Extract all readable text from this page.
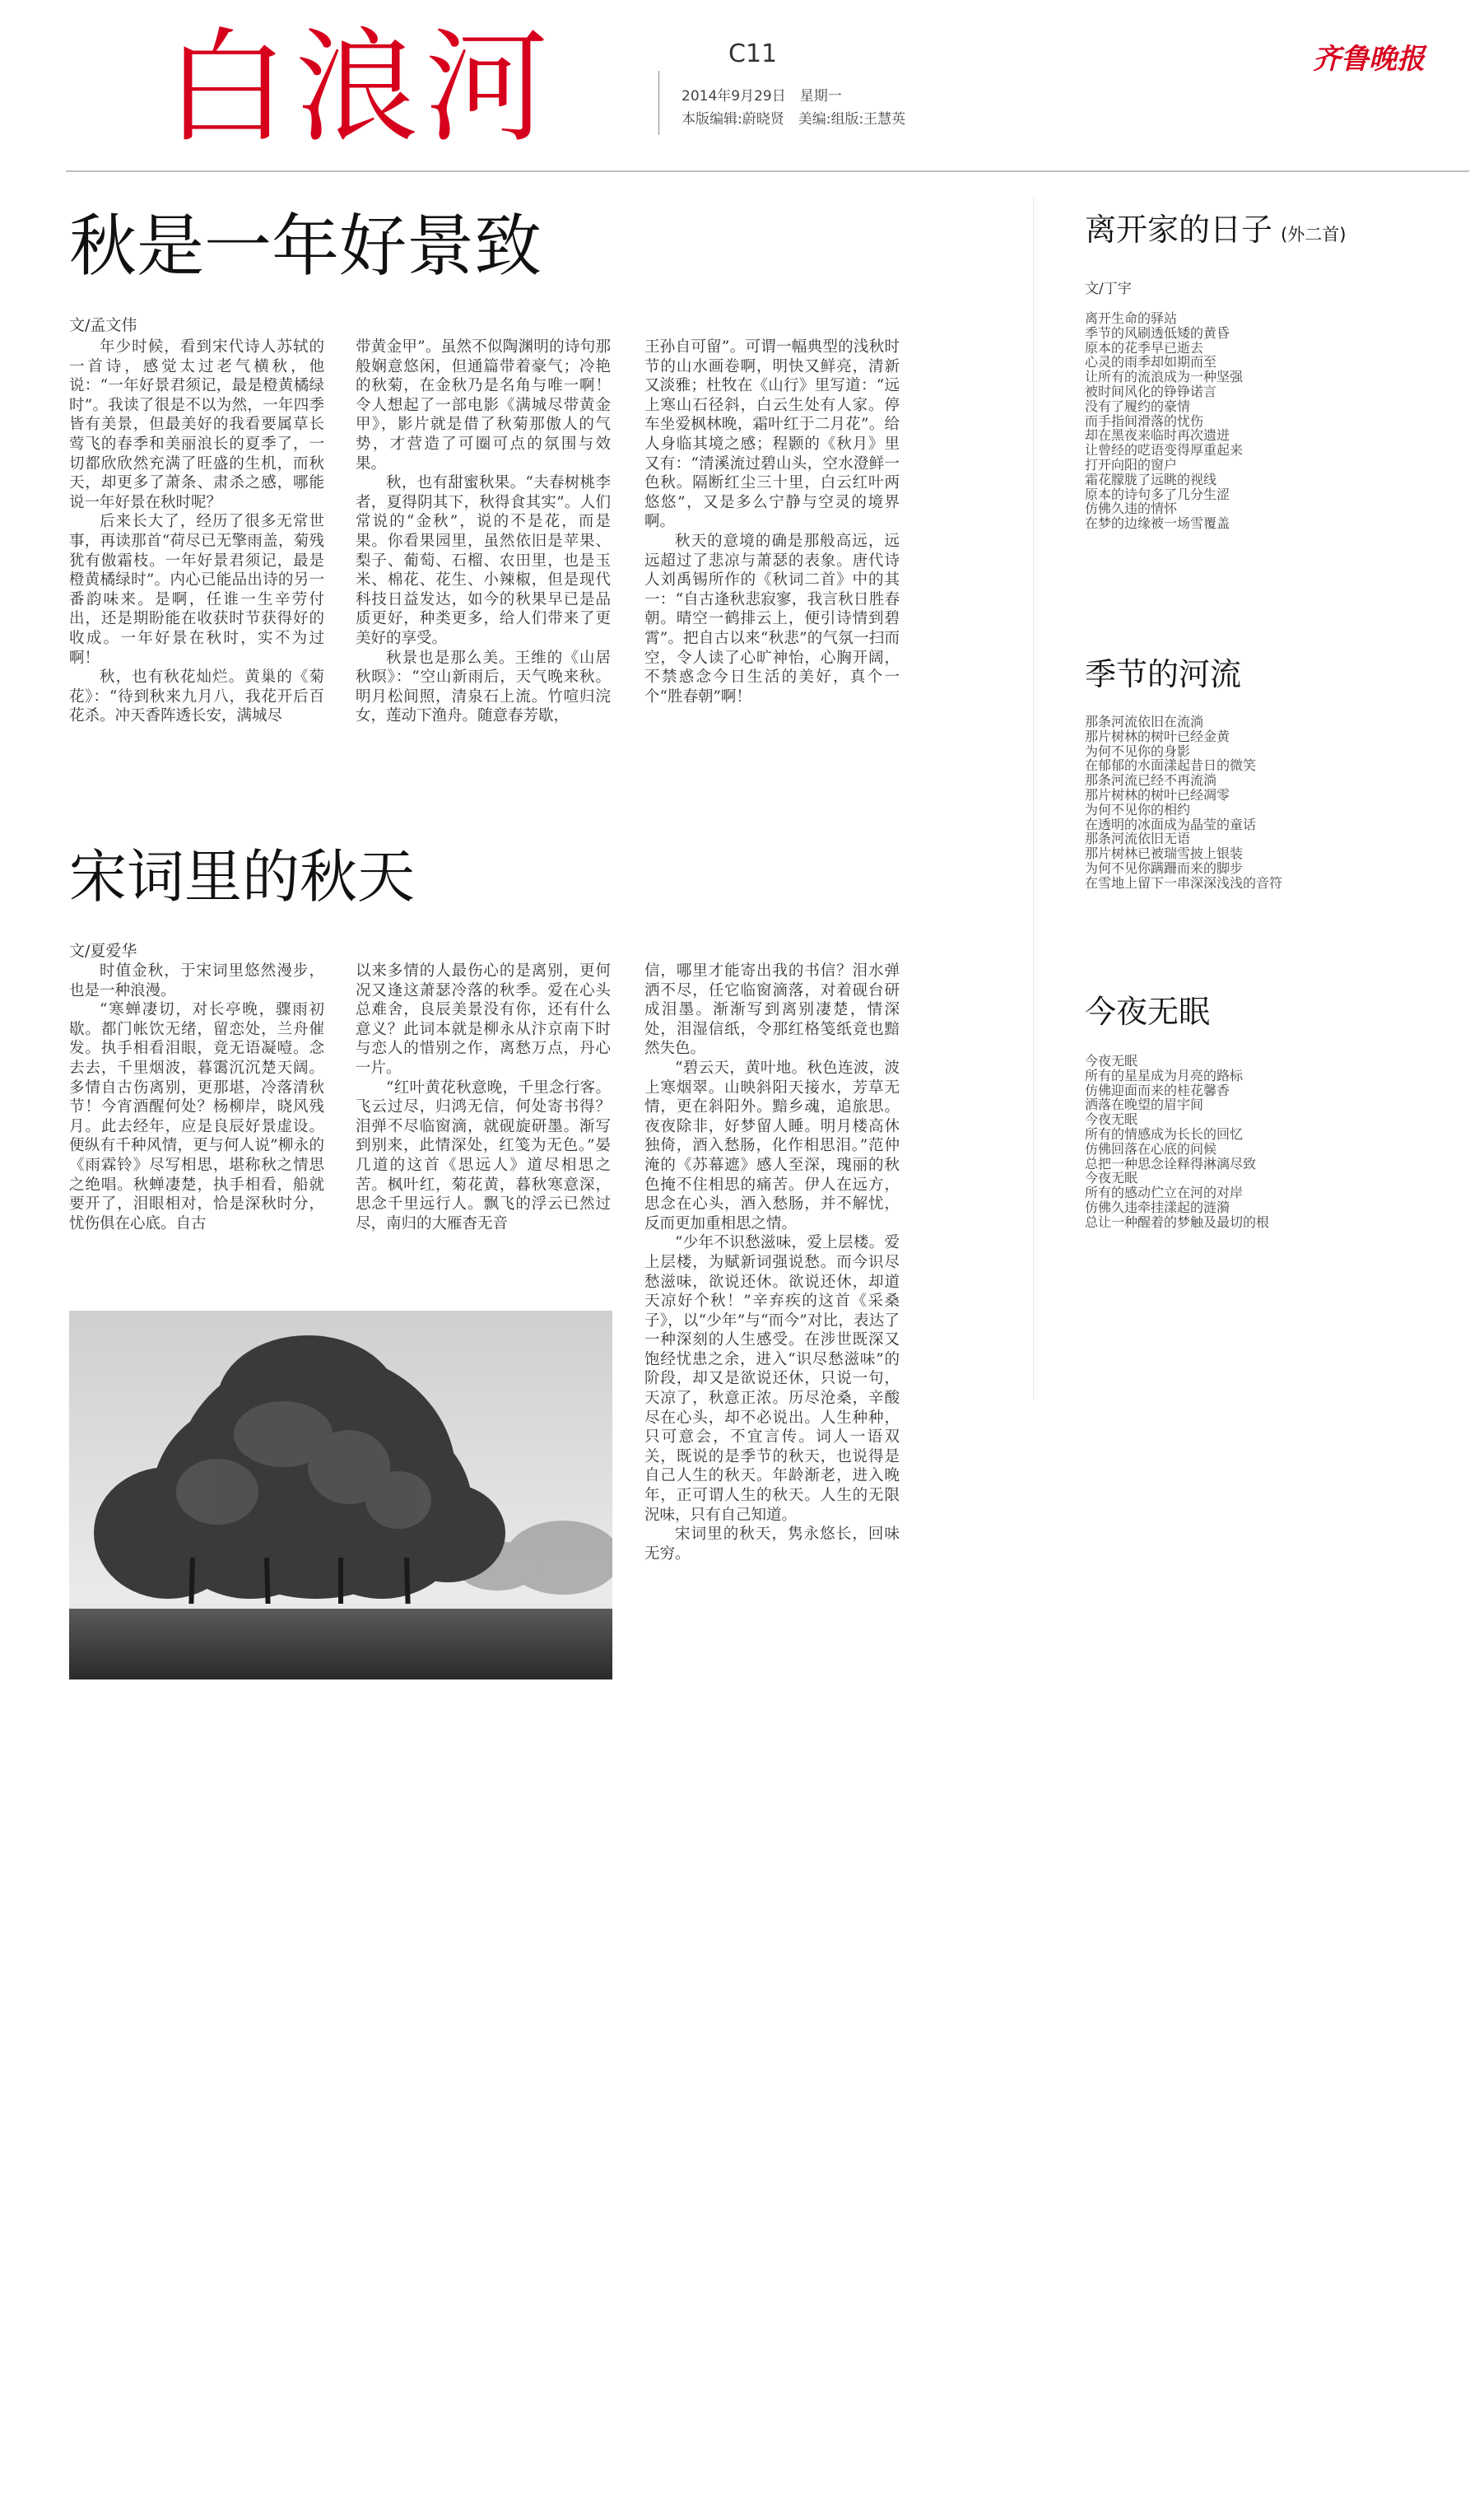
白浪河	C11
2014年9月29日　星期一
本版编辑:蔚晓贤　美编:组版:王慧英
齐鲁晚报
秋是一年好景致
文/孟文伟

年少时候，看到宋代诗人苏轼的一首诗，感觉太过老气横秋，他说：“一年好景君须记，最是橙黄橘绿时”。我读了很是不以为然，一年四季皆有美景，但最美好的我看要属草长莺飞的春季和美丽浪长的夏季了，一切都欣欣然充满了旺盛的生机，而秋天，却更多了萧条、肃杀之感，哪能说一年好景在秋时呢？

后来长大了，经历了很多无常世事，再读那首“荷尽已无擎雨盖，菊残犹有傲霜枝。一年好景君须记，最是橙黄橘绿时”。内心已能品出诗的另一番韵味来。是啊，任谁一生辛劳付出，还是期盼能在收获时节获得好的收成。一年好景在秋时，实不为过啊！

秋，也有秋花灿烂。黄巢的《菊花》：“待到秋来九月八，我花开后百花杀。冲天香阵透长安，满城尽

带黄金甲”。虽然不似陶渊明的诗句那般娴意悠闲，但通篇带着豪气；冷艳的秋菊，在金秋乃是名角与唯一啊！令人想起了一部电影《满城尽带黄金甲》，影片就是借了秋菊那傲人的气势，才营造了可圈可点的氛围与效果。

秋，也有甜蜜秋果。“夫春树桃李者，夏得阴其下，秋得食其实”。人们常说的“金秋”，说的不是花，而是果。你看果园里，虽然依旧是苹果、梨子、葡萄、石榴、农田里，也是玉米、棉花、花生、小辣椒，但是现代科技日益发达，如今的秋果早已是品质更好，种类更多，给人们带来了更美好的享受。

秋景也是那么美。王维的《山居秋暝》：“空山新雨后，天气晚来秋。明月松间照，清泉石上流。竹喧归浣女，莲动下渔舟。随意春芳歇，

王孙自可留”。可谓一幅典型的浅秋时节的山水画卷啊，明快又鲜亮，清新又淡雅；杜牧在《山行》里写道：“远上寒山石径斜，白云生处有人家。停车坐爱枫林晚，霜叶红于二月花”。给人身临其境之感；程颢的《秋月》里又有：“清溪流过碧山头，空水澄鲜一色秋。隔断红尘三十里，白云红叶两悠悠”，又是多么宁静与空灵的境界啊。

秋天的意境的确是那般高远，远远超过了悲凉与萧瑟的表象。唐代诗人刘禹锡所作的《秋词二首》中的其一：“自古逢秋悲寂寥，我言秋日胜春朝。晴空一鹤排云上，便引诗情到碧霄”。把自古以来“秋悲”的气氛一扫而空，令人读了心旷神怡，心胸开阔，不禁惑念今日生活的美好，真个一个“胜春朝”啊！

宋词里的秋天
文/夏爱华

时值金秋，于宋词里悠然漫步，也是一种浪漫。

“寒蝉凄切，对长亭晚，骤雨初歇。都门帐饮无绪，留恋处，兰舟催发。执手相看泪眼，竟无语凝噎。念去去，千里烟波，暮霭沉沉楚天阔。多情自古伤离别，更那堪，冷落清秋节！今宵酒醒何处？杨柳岸，晓风残月。此去经年，应是良辰好景虚设。便纵有千种风情，更与何人说”柳永的《雨霖铃》尽写相思，堪称秋之情思之绝唱。秋蝉凄楚，执手相看，船就要开了，泪眼相对，恰是深秋时分，忧伤俱在心底。自古

以来多情的人最伤心的是离别，更何况又逢这萧瑟冷落的秋季。爱在心头总难舍，良辰美景没有你，还有什么意义？此词本就是柳永从汴京南下时与恋人的惜别之作，离愁万点，丹心一片。

“红叶黄花秋意晚，千里念行客。飞云过尽，归鸿无信，何处寄书得？泪弹不尽临窗滴，就砚旋研墨。渐写到别来，此情深处，红笺为无色。”晏几道的这首《思远人》道尽相思之苦。枫叶红，菊花黄，暮秋寒意深，思念千里远行人。飘飞的浮云已然过尽，南归的大雁杳无音

信，哪里才能寄出我的书信？泪水弹洒不尽，任它临窗滴落，对着砚台研成泪墨。渐渐写到离别凄楚，情深处，泪湿信纸，令那红格笺纸竟也黯然失色。

“碧云天，黄叶地。秋色连波，波上寒烟翠。山映斜阳天接水，芳草无情，更在斜阳外。黯乡魂，追旅思。夜夜除非，好梦留人睡。明月楼高休独倚，酒入愁肠，化作相思泪。”范仲淹的《苏幕遮》感人至深，瑰丽的秋色掩不住相思的痛苦。伊人在远方，思念在心头，酒入愁肠，并不解忧，反而更加重相思之情。

“少年不识愁滋味，爱上层楼。爱上层楼，为赋新词强说愁。而今识尽愁滋味，欲说还休。欲说还休，却道天凉好个秋！”辛弃疾的这首《采桑子》，以“少年”与“而今”对比，表达了一种深刻的人生感受。在涉世既深又饱经忧患之余，进入“识尽愁滋味”的阶段，却又是欲说还休，只说一句，天凉了，秋意正浓。历尽沧桑，辛酸尽在心头，却不必说出。人生种种，只可意会，不宜言传。词人一语双关，既说的是季节的秋天，也说得是自己人生的秋天。年龄渐老，进入晚年，正可谓人生的秋天。人生的无限況味，只有自己知道。

宋词里的秋天，隽永悠长，回味无穷。

离开家的日子 (外二首)
文/丁宇
离开生命的驿站
季节的风刷透低矮的黄昏
原本的花季早已逝去
心灵的雨季却如期而至
让所有的流浪成为一种坚强
被时间风化的铮铮诺言
没有了履约的豪情
而手指间滑落的忧伤
却在黑夜来临时再次遗迸
让曾经的呓语变得厚重起来
打开向阳的窗户
霜花朦胧了远眺的视线
原本的诗句多了几分生涩
仿佛久违的情怀
在梦的边缘被一场雪覆盖
季节的河流
那条河流依旧在流淌
那片树林的树叶已经金黄
为何不见你的身影
在郁郁的水面漾起昔日的微笑
那条河流已经不再流淌
那片树林的树叶已经凋零
为何不见你的相约
在透明的冰面成为晶莹的童话
那条河流依旧无语
那片树林已被瑞雪披上银装
为何不见你蹒跚而来的脚步
在雪地上留下一串深深浅浅的音符
今夜无眠
今夜无眠
所有的星星成为月亮的路标
仿佛迎面而来的桂花馨香
洒落在晚望的眉宇间
今夜无眠
所有的情感成为长长的回忆
仿佛回落在心底的问候
总把一种思念诠释得淋漓尽致
今夜无眠
所有的感动伫立在河的对岸
仿佛久违牵挂漾起的涟漪
总让一种醒着的梦触及最切的根
